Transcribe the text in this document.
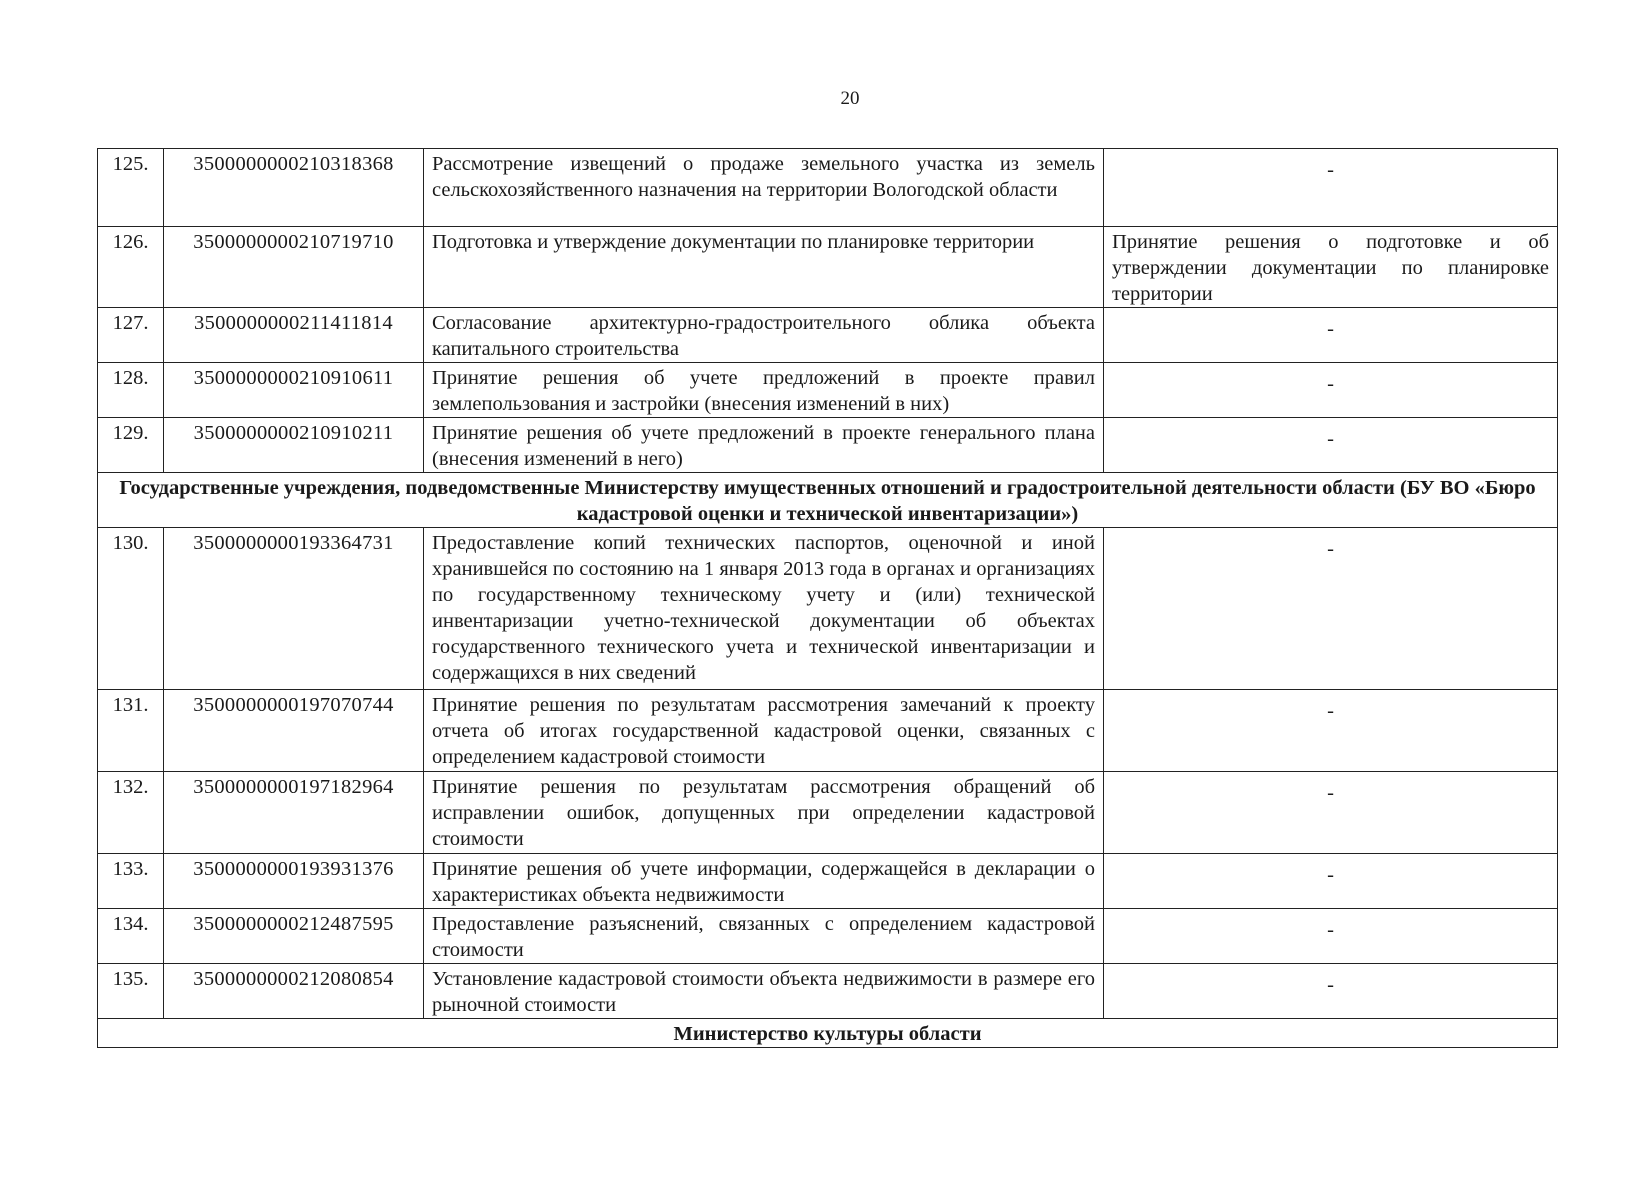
20
125.	3500000000210318368	Рассмотрение извещений о продаже земельного участка из земель сельскохозяйственного назначения на территории Вологодской области	-
126.	3500000000210719710	Подготовка и утверждение документации по планировке территории	Принятие решения о подготовке и об утверждении документации по планировке территории
127.	3500000000211411814	Согласование архитектурно-градостроительного облика объекта капитального строительства	-
128.	3500000000210910611	Принятие решения об учете предложений в проекте правил землепользования и застройки (внесения изменений в них)	-
129.	3500000000210910211	Принятие решения об учете предложений в проекте генерального плана (внесения изменений в него)	-
Государственные учреждения, подведомственные Министерству имущественных отношений и градостроительной деятельности области (БУ ВО «Бюро кадастровой оценки и технической инвентаризации»)			
130.	3500000000193364731	Предоставление копий технических паспортов, оценочной и иной хранившейся по состоянию на 1 января 2013 года в органах и организациях по государственному техническому учету и (или) технической инвентаризации учетно-технической документации об объектах государственного технического учета и технической инвентаризации и содержащихся в них сведений	-
131.	3500000000197070744	Принятие решения по результатам рассмотрения замечаний к проекту отчета об итогах государственной кадастровой оценки, связанных с определением кадастровой стоимости	-
132.	3500000000197182964	Принятие решения по результатам рассмотрения обращений об исправлении ошибок, допущенных при определении кадастровой стоимости	-
133.	3500000000193931376	Принятие решения об учете информации, содержащейся в декларации о характеристиках объекта недвижимости	-
134.	3500000000212487595	Предоставление разъяснений, связанных с определением кадастровой стоимости	-
135.	3500000000212080854	Установление кадастровой стоимости объекта недвижимости в размере его рыночной стоимости	-
Министерство культуры области			
